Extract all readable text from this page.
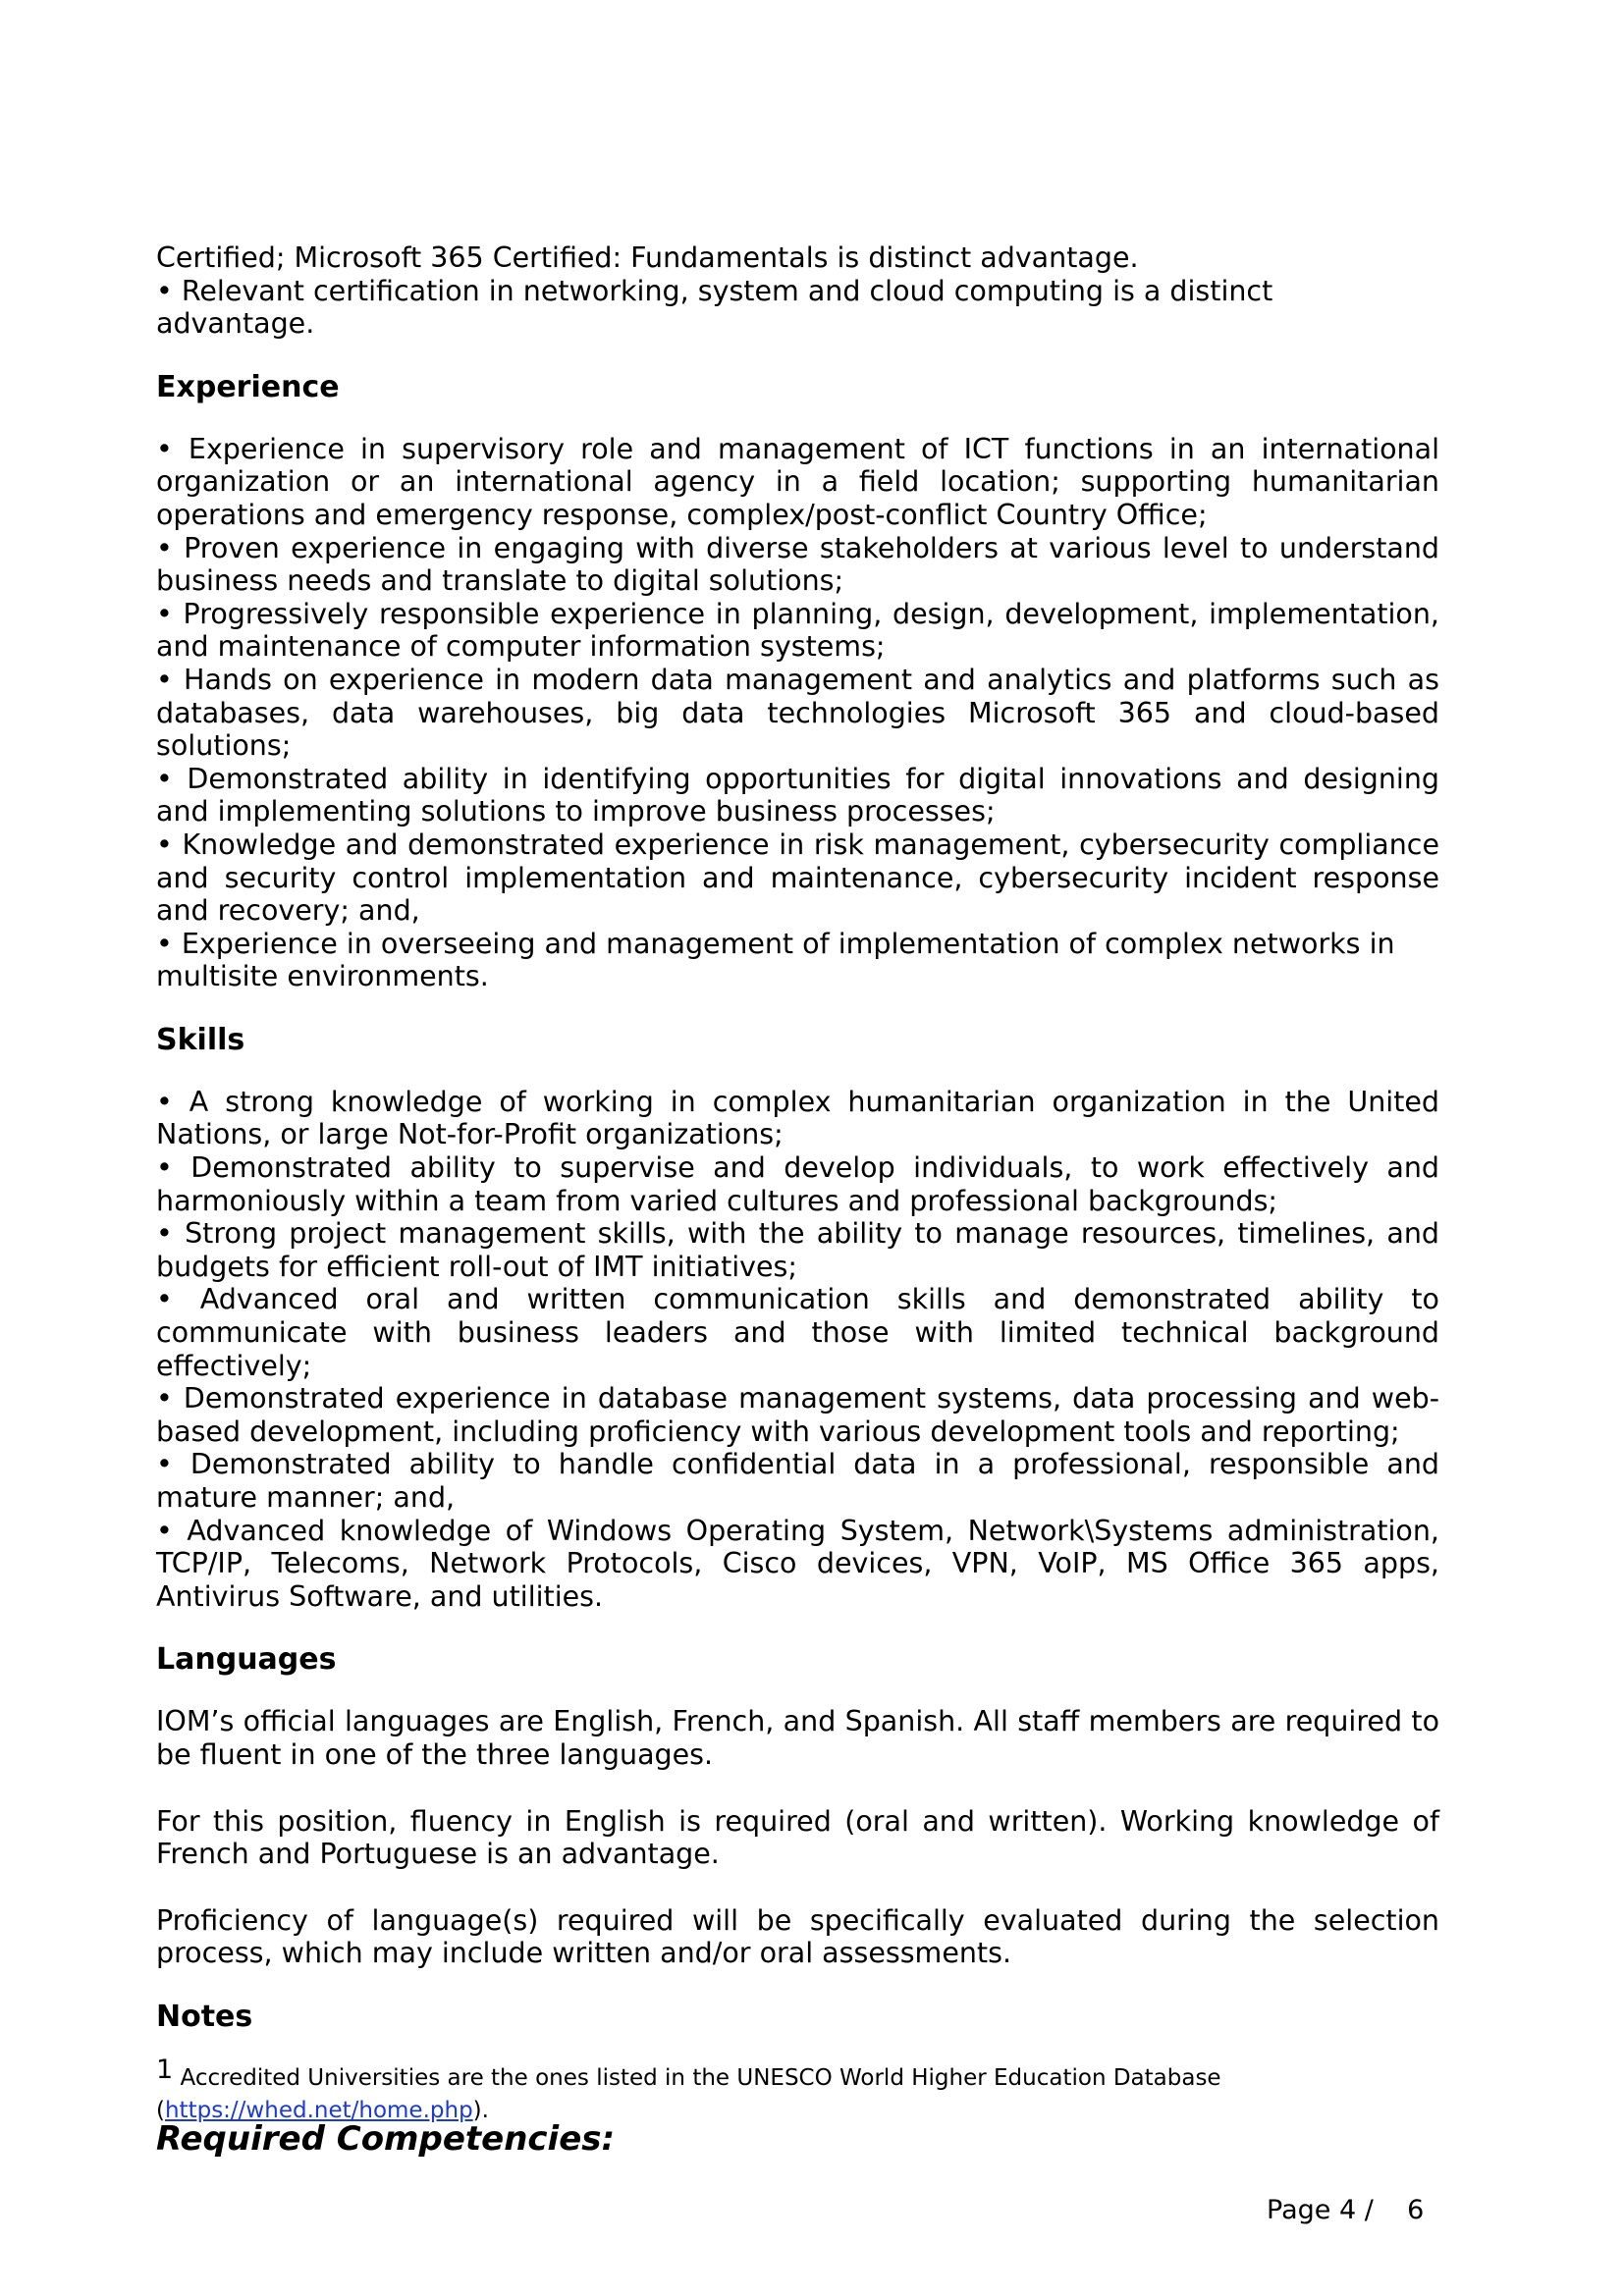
Certified; Microsoft 365 Certified: Fundamentals is distinct advantage.

• Relevant certification in networking, system and cloud computing is a distinct advantage.

Experience

• Experience in supervisory role and management of ICT functions in an international organization or an international agency in a field location; supporting humanitarian operations and emergency response, complex/post-conflict Country Office;

• Proven experience in engaging with diverse stakeholders at various level to understand business needs and translate to digital solutions;

• Progressively responsible experience in planning, design, development, implementation, and maintenance of computer information systems;

• Hands on experience in modern data management and analytics and platforms such as databases, data warehouses, big data technologies Microsoft 365 and cloud-based solutions;

• Demonstrated ability in identifying opportunities for digital innovations and designing and implementing solutions to improve business processes;

• Knowledge and demonstrated experience in risk management, cybersecurity compliance and security control implementation and maintenance, cybersecurity incident response and recovery; and,

• Experience in overseeing and management of implementation of complex networks in multisite environments.

Skills

• A strong knowledge of working in complex humanitarian organization in the United Nations, or large Not-for-Profit organizations;

• Demonstrated ability to supervise and develop individuals, to work effectively and harmoniously within a team from varied cultures and professional backgrounds;

• Strong project management skills, with the ability to manage resources, timelines, and budgets for efficient roll-out of IMT initiatives;

• Advanced oral and written communication skills and demonstrated ability to communicate with business leaders and those with limited technical background effectively;

• Demonstrated experience in database management systems, data processing and web-based development, including proficiency with various development tools and reporting;

• Demonstrated ability to handle confidential data in a professional, responsible and mature manner; and,

• Advanced knowledge of Windows Operating System, Network\Systems administration, TCP/IP, Telecoms, Network Protocols, Cisco devices, VPN, VoIP, MS Office 365 apps, Antivirus Software, and utilities.

Languages

IOM’s official languages are English, French, and Spanish. All staff members are required to be fluent in one of the three languages.

For this position, fluency in English is required (oral and written). Working knowledge of French and Portuguese is an advantage.

Proficiency of language(s) required will be specifically evaluated during the selection process, which may include written and/or oral assessments.

Notes

$^1$ Accredited Universities are the ones listed in the UNESCO World Higher Education Database
(https://whed.net/home.php).

Required Competencies:
Page 4 /    6
